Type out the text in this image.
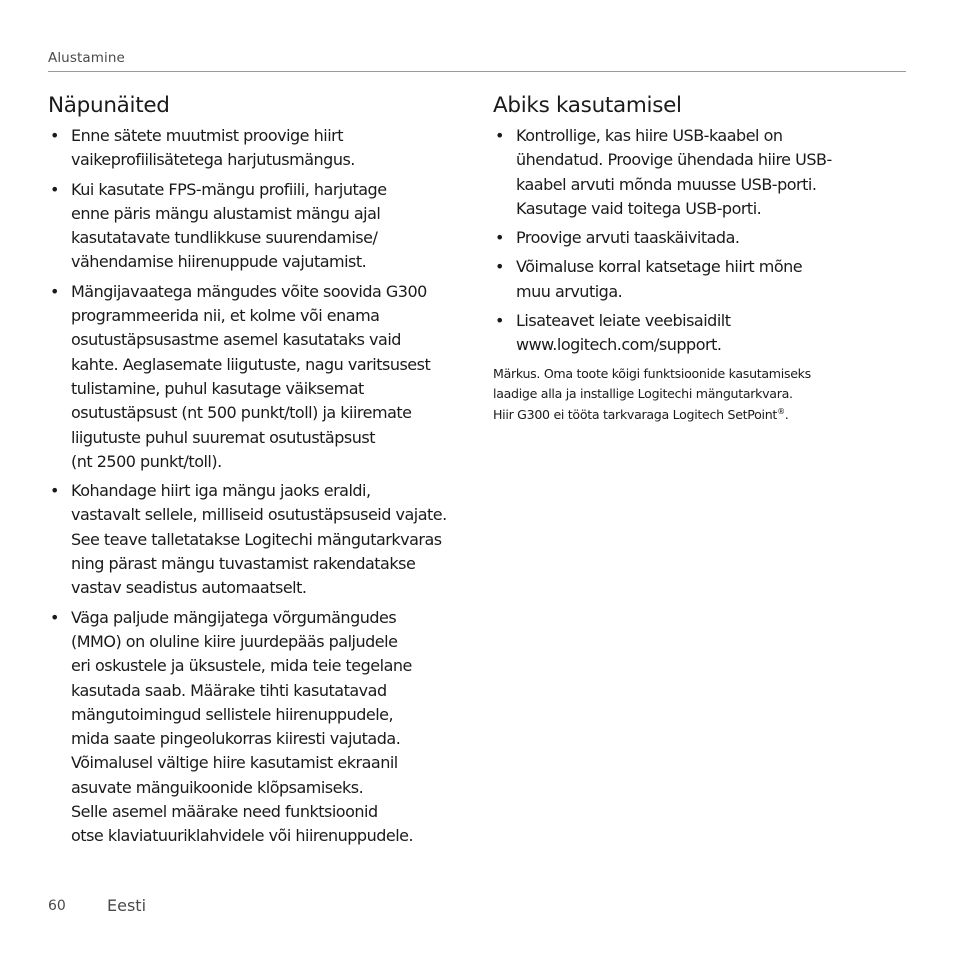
Alustamine
Näpunäited
• Enne sätete muutmist proovige hiirt
vaikeprofiilisätetega harjutusmängus.
• Kui kasutate FPS-mängu profiili, harjutage
enne päris mängu alustamist mängu ajal
kasutatavate tundlikkuse suurendamise/
vähendamise hiirenuppude vajutamist.
• Mängijavaatega mängudes võite soovida G300
programmeerida nii, et kolme või enama
osutustäpsusastme asemel kasutataks vaid
kahte. Aeglasemate liigutuste, nagu varitsusest
tulistamine, puhul kasutage väiksemat
osutustäpsust (nt 500 punkt/toll) ja kiiremate
liigutuste puhul suuremat osutustäpsust
(nt 2500 punkt/toll).
• Kohandage hiirt iga mängu jaoks eraldi,
vastavalt sellele, milliseid osutustäpsuseid vajate.
See teave talletatakse Logitechi mängutarkvaras
ning pärast mängu tuvastamist rakendatakse
vastav seadistus automaatselt.
• Väga paljude mängijatega võrgumängudes
(MMO) on oluline kiire juurdepääs paljudele
eri oskustele ja üksustele, mida teie tegelane
kasutada saab. Määrake tihti kasutatavad
mängutoimingud sellistele hiirenuppudele,
mida saate pingeolukorras kiiresti vajutada.
Võimalusel vältige hiire kasutamist ekraanil
asuvate mänguikoonide klõpsamiseks.
Selle asemel määrake need funktsioonid
otse klaviatuuriklahvidele või hiirenuppudele.
Abiks kasutamisel
• Kontrollige, kas hiire USB-kaabel on
ühendatud. Proovige ühendada hiire USB-
kaabel arvuti mõnda muusse USB-porti.
Kasutage vaid toitega USB-porti.
• Proovige arvuti taaskäivitada.
• Võimaluse korral katsetage hiirt mõne
muu arvutiga.
• Lisateavet leiate veebisaidilt
www.logitech.com/support.
Märkus. Oma toote kõigi funktsioonide kasutamiseks
laadige alla ja installige Logitechi mängutarkvara.
Hiir G300 ei tööta tarkvaraga Logitech SetPoint®.
60	Eesti
